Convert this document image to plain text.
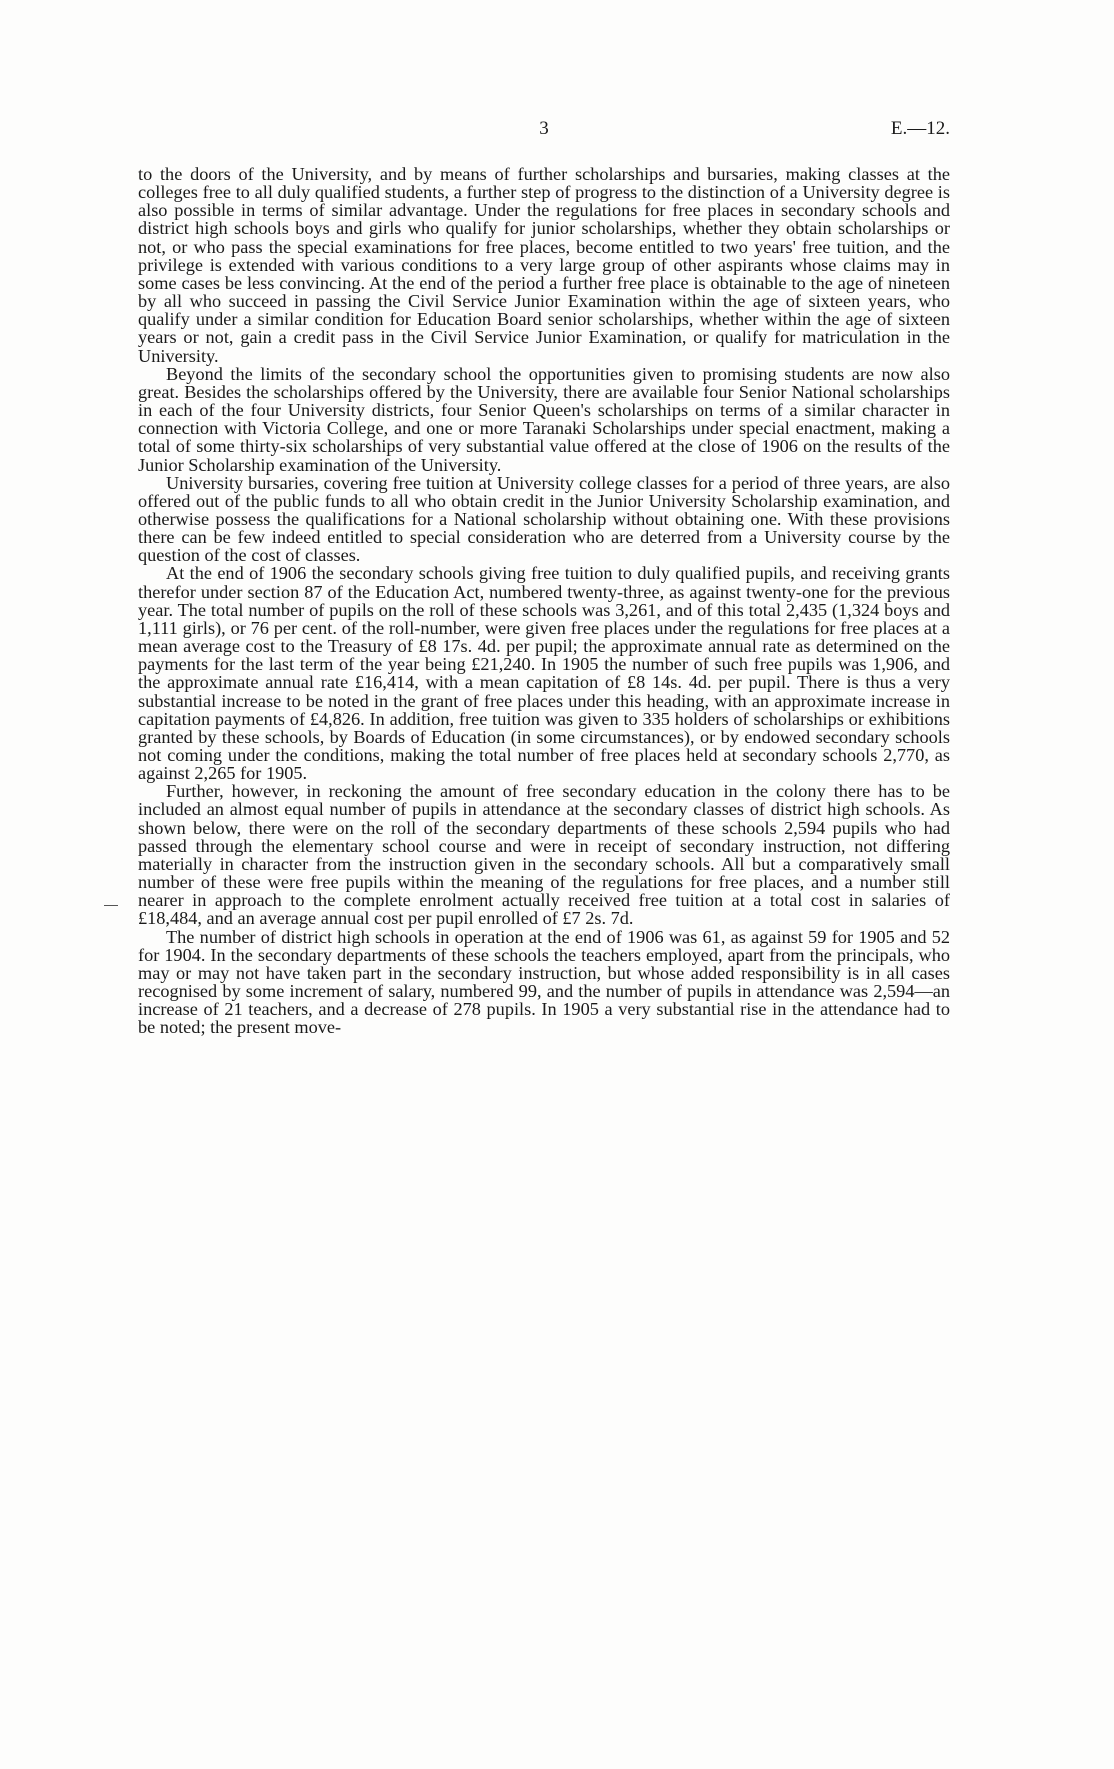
3	E.—12.

to the doors of the University, and by means of further scholarships and bursaries, making classes at the colleges free to all duly qualified students, a further step of progress to the distinction of a University degree is also possible in terms of similar advantage. Under the regulations for free places in secondary schools and district high schools boys and girls who qualify for junior scholarships, whether they obtain scholarships or not, or who pass the special examinations for free places, become entitled to two years' free tuition, and the privilege is extended with various conditions to a very large group of other aspirants whose claims may in some cases be less convincing. At the end of the period a further free place is obtainable to the age of nineteen by all who succeed in passing the Civil Service Junior Examination within the age of sixteen years, who qualify under a similar condition for Education Board senior scholarships, whether within the age of sixteen years or not, gain a credit pass in the Civil Service Junior Examination, or qualify for matriculation in the University.

Beyond the limits of the secondary school the opportunities given to promising students are now also great. Besides the scholarships offered by the University, there are available four Senior National scholarships in each of the four University districts, four Senior Queen's scholarships on terms of a similar character in connection with Victoria College, and one or more Taranaki Scholarships under special enactment, making a total of some thirty-six scholarships of very substantial value offered at the close of 1906 on the results of the Junior Scholarship examination of the University.

University bursaries, covering free tuition at University college classes for a period of three years, are also offered out of the public funds to all who obtain credit in the Junior University Scholarship examination, and otherwise possess the qualifications for a National scholarship without obtaining one. With these provisions there can be few indeed entitled to special consideration who are deterred from a University course by the question of the cost of classes.

At the end of 1906 the secondary schools giving free tuition to duly qualified pupils, and receiving grants therefor under section 87 of the Education Act, numbered twenty-three, as against twenty-one for the previous year. The total number of pupils on the roll of these schools was 3,261, and of this total 2,435 (1,324 boys and 1,111 girls), or 76 per cent. of the roll-number, were given free places under the regulations for free places at a mean average cost to the Treasury of £8 17s. 4d. per pupil; the approximate annual rate as determined on the payments for the last term of the year being £21,240. In 1905 the number of such free pupils was 1,906, and the approximate annual rate £16,414, with a mean capitation of £8 14s. 4d. per pupil. There is thus a very substantial increase to be noted in the grant of free places under this heading, with an approximate increase in capitation payments of £4,826. In addition, free tuition was given to 335 holders of scholarships or exhibitions granted by these schools, by Boards of Education (in some circumstances), or by endowed secondary schools not coming under the conditions, making the total number of free places held at secondary schools 2,770, as against 2,265 for 1905.

Further, however, in reckoning the amount of free secondary education in the colony there has to be included an almost equal number of pupils in attendance at the secondary classes of district high schools. As shown below, there were on the roll of the secondary departments of these schools 2,594 pupils who had passed through the elementary school course and were in receipt of secondary instruction, not differing materially in character from the instruction given in the secondary schools. All but a comparatively small number of these were free pupils within the meaning of the regulations for free places, and a number still nearer in approach to the complete enrolment actually received free tuition at a total cost in salaries of £18,484, and an average annual cost per pupil enrolled of £7 2s. 7d.

The number of district high schools in operation at the end of 1906 was 61, as against 59 for 1905 and 52 for 1904. In the secondary departments of these schools the teachers employed, apart from the principals, who may or may not have taken part in the secondary instruction, but whose added responsibility is in all cases recognised by some increment of salary, numbered 99, and the number of pupils in attendance was 2,594—an increase of 21 teachers, and a decrease of 278 pupils. In 1905 a very substantial rise in the attendance had to be noted; the present move-
